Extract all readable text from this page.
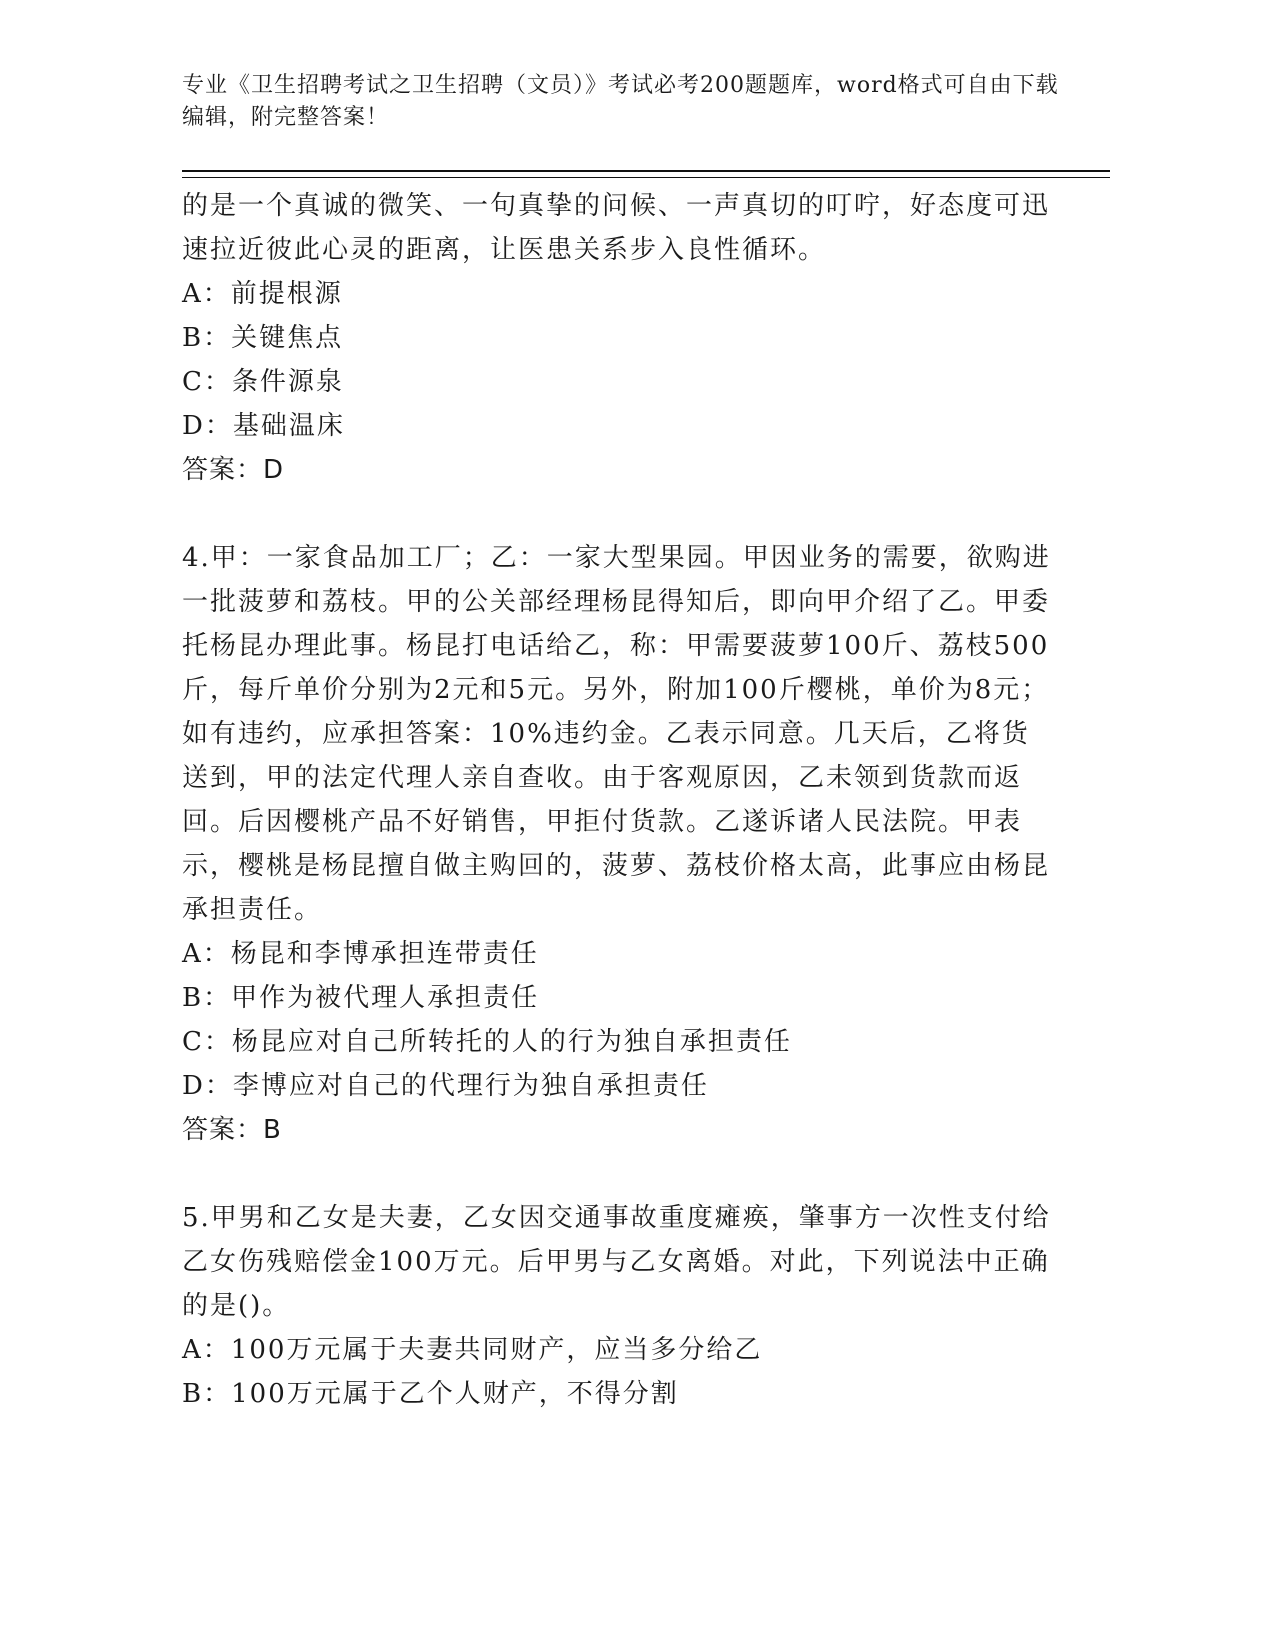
专业《卫生招聘考试之卫生招聘（文员）》考试必考200题题库，word格式可自由下载编辑，附完整答案！

的是一个真诚的微笑、一句真挚的问候、一声真切的叮咛，好态度可迅速拉近彼此心灵的距离，让医患关系步入良性循环。

A：前提根源

B：关键焦点

C：条件源泉

D：基础温床

答案：D

4.甲：一家食品加工厂；乙：一家大型果园。甲因业务的需要，欲购进一批菠萝和荔枝。甲的公关部经理杨昆得知后，即向甲介绍了乙。甲委托杨昆办理此事。杨昆打电话给乙，称：甲需要菠萝100斤、荔枝500斤，每斤单价分别为2元和5元。另外，附加100斤樱桃，单价为8元；如有违约，应承担答案：10%违约金。乙表示同意。几天后，乙将货送到，甲的法定代理人亲自查收。由于客观原因，乙未领到货款而返回。后因樱桃产品不好销售，甲拒付货款。乙遂诉诸人民法院。甲表示，樱桃是杨昆擅自做主购回的，菠萝、荔枝价格太高，此事应由杨昆承担责任。

A：杨昆和李博承担连带责任

B：甲作为被代理人承担责任

C：杨昆应对自己所转托的人的行为独自承担责任

D：李博应对自己的代理行为独自承担责任

答案：B

5.甲男和乙女是夫妻，乙女因交通事故重度瘫痪，肇事方一次性支付给乙女伤残赔偿金100万元。后甲男与乙女离婚。对此，下列说法中正确的是()。

A：100万元属于夫妻共同财产，应当多分给乙

B：100万元属于乙个人财产，不得分割
